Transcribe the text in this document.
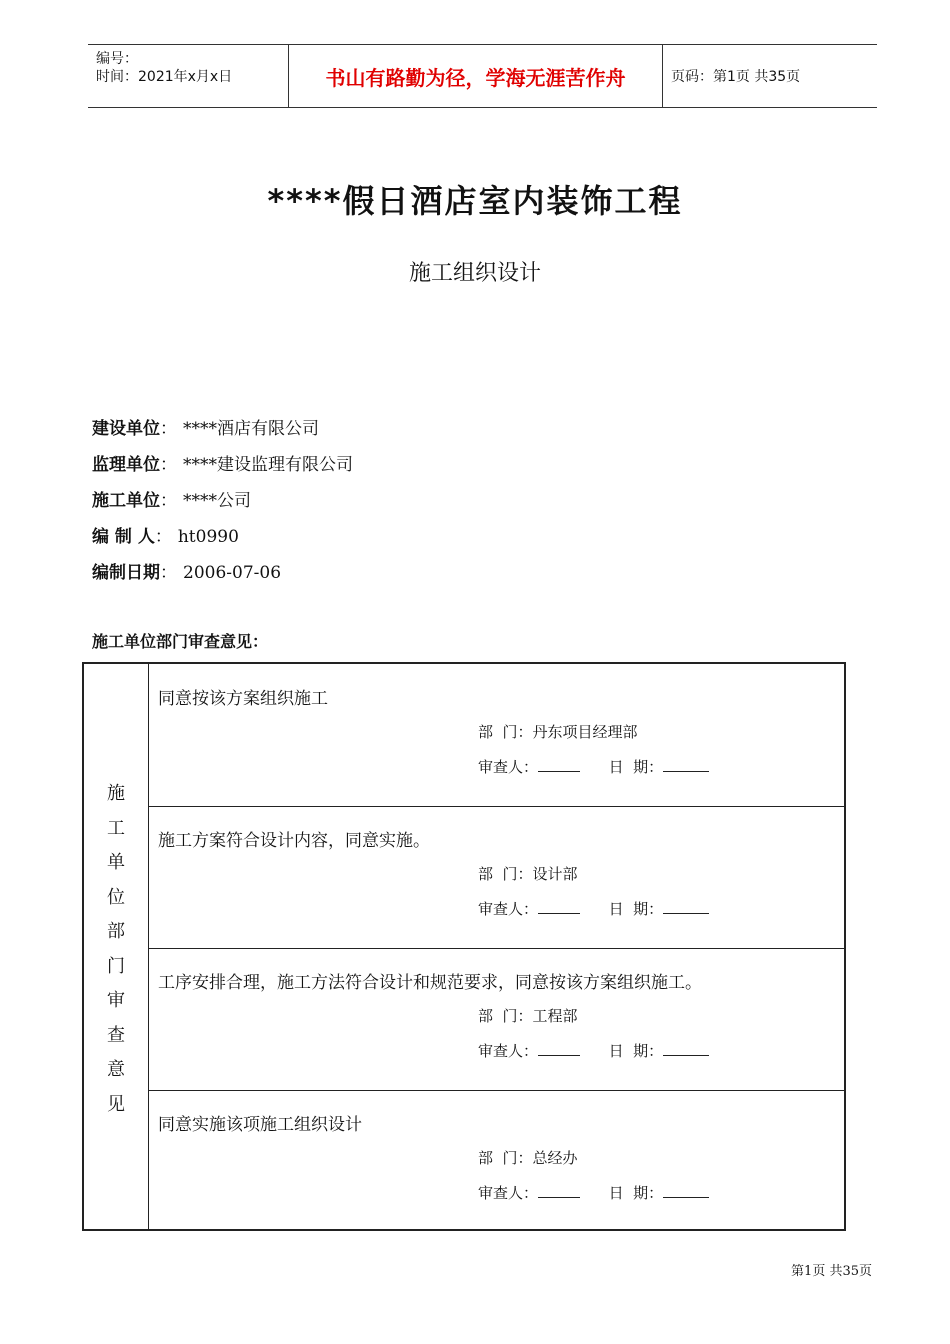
编号：
时间：2021年x月x日	书山有路勤为径，学海无涯苦作舟	页码：第1页 共35页
****假日酒店室内装饰工程
施工组织设计
建设单位 ： ****酒店有限公司
监理单位 ： ****建设监理有限公司
施工单位 ： ****公司
编 制 人 ： ht0990
编制日期 ： 2006-07-06
施工单位部门审查意见：
施
工
单
位
部
门
审
查
意
见
同意按该方案组织施工
部  门：丹东项目经理部
审查人：	日  期：
施工方案符合设计内容，同意实施。
部  门：设计部
审查人：	日  期：
工序安排合理，施工方法符合设计和规范要求，同意按该方案组织施工。
部  门：工程部
审查人：	日  期：
同意实施该项施工组织设计
部  门：总经办
审查人：	日  期：
第1页 共35页
